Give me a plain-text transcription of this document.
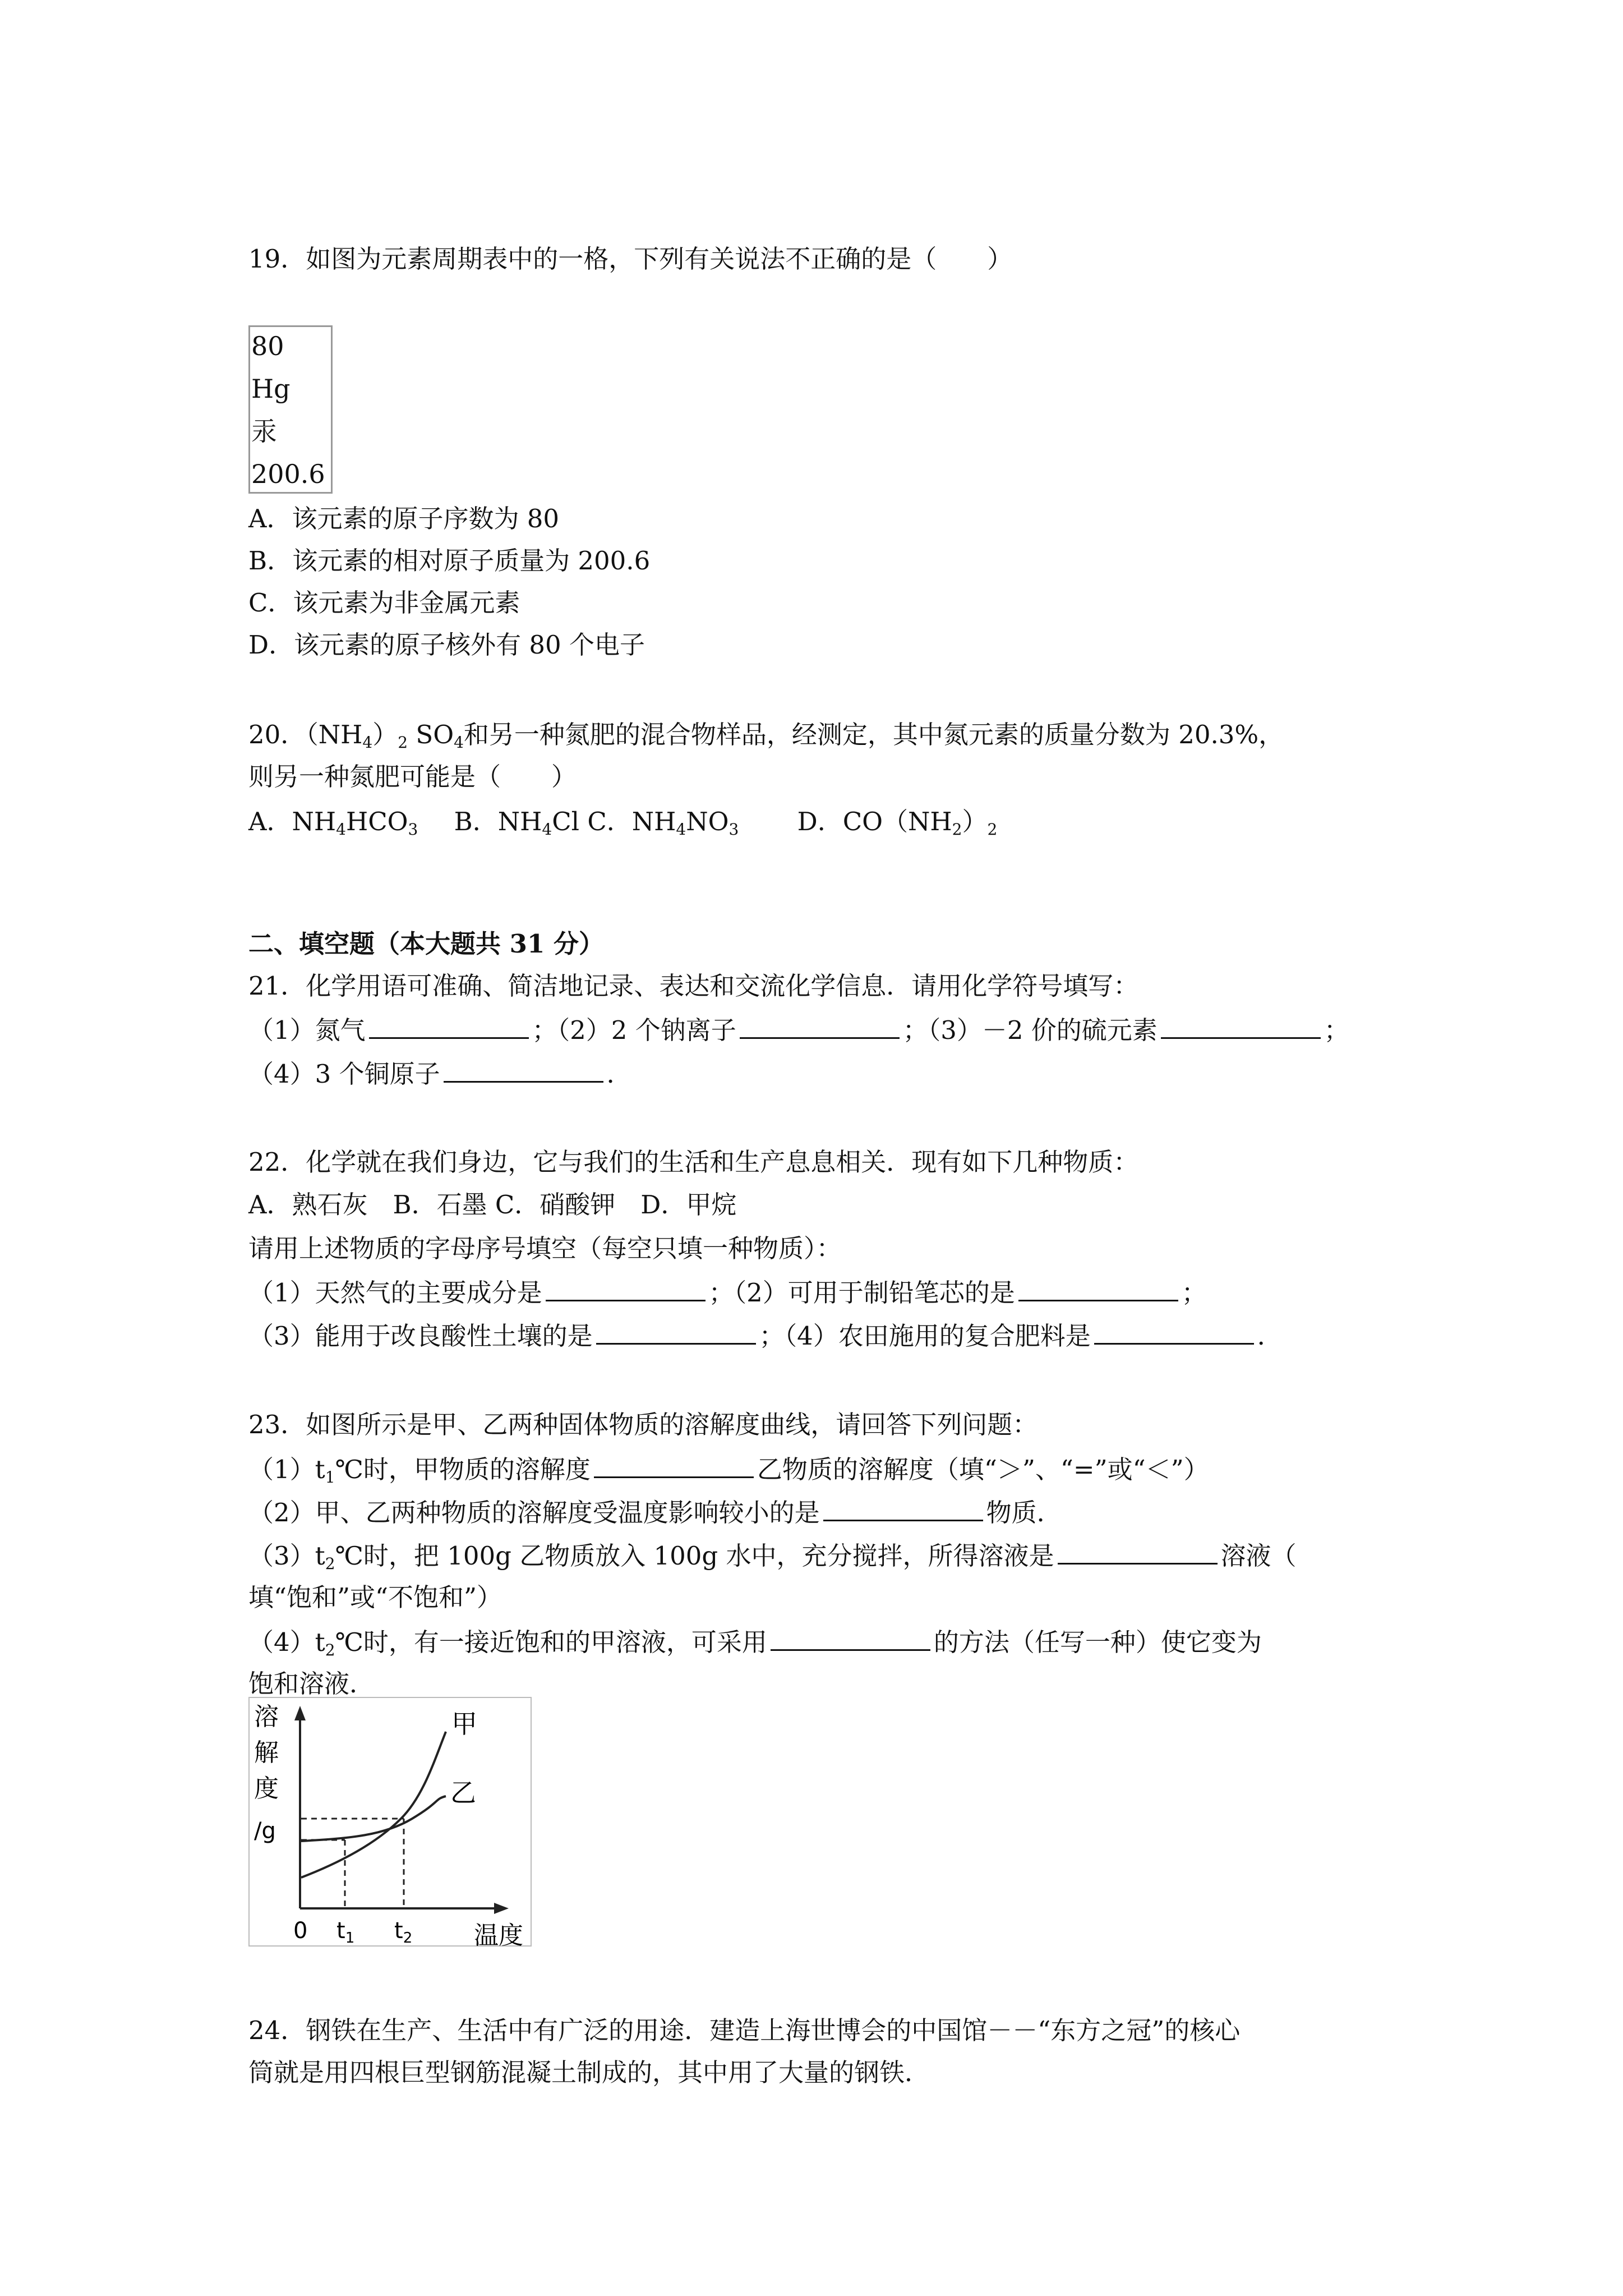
19．如图为元素周期表中的一格，下列有关说法不正确的是（　　）
80
Hg
汞
200.6
A．该元素的原子序数为 80
B．该元素的相对原子质量为 200.6
C．该元素为非金属元素
D．该元素的原子核外有 80 个电子
20．$(NH_4)_2$ $SO_4$和另一种氮肥的混合物样品，经测定，其中氮元素的质量分数为 20.3%，
则另一种氮肥可能是（　　）
A．$NH_4HCO_3$ B．$NH_4Cl$ C．$NH_4NO_3$ D．$CO(NH_2)_2$
二、填空题（本大题共 31 分）
21．化学用语可准确、简洁地记录、表达和交流化学信息．请用化学符号填写：
（1）氮气	；（2）2 个钠离子	；（3）－2 价的硫元素	；
（4）3 个铜原子	．
22．化学就在我们身边，它与我们的生活和生产息息相关．现有如下几种物质：
A．熟石灰　B．石墨 C．硝酸钾　D．甲烷
请用上述物质的字母序号填空（每空只填一种物质）：
（1）天然气的主要成分是	；（2）可用于制铅笔芯的是	；
（3）能用于改良酸性土壤的是	；（4）农田施用的复合肥料是	．
23．如图所示是甲、乙两种固体物质的溶解度曲线，请回答下列问题：
$(1)t_1℃$时，甲物质的溶解度	乙物质的溶解度（填“＞”、“=”或“＜”）
（2）甲、乙两种物质的溶解度受温度影响较小的是	物质．
$(3)t_2℃$时，把 100g 乙物质放入 100g 水中，充分搅拌，所得溶液是	溶液（
填“饱和”或“不饱和”）
$(4)t_2℃$时，有一接近饱和的甲溶液，可采用	的方法（任写一种）使它变为
饱和溶液．
溶
解
度
/g
甲
乙
0 $t_1$ $t_2$ 温度
24．钢铁在生产、生活中有广泛的用途．建造上海世博会的中国馆－－“东方之冠”的核心
筒就是用四根巨型钢筋混凝土制成的，其中用了大量的钢铁．
